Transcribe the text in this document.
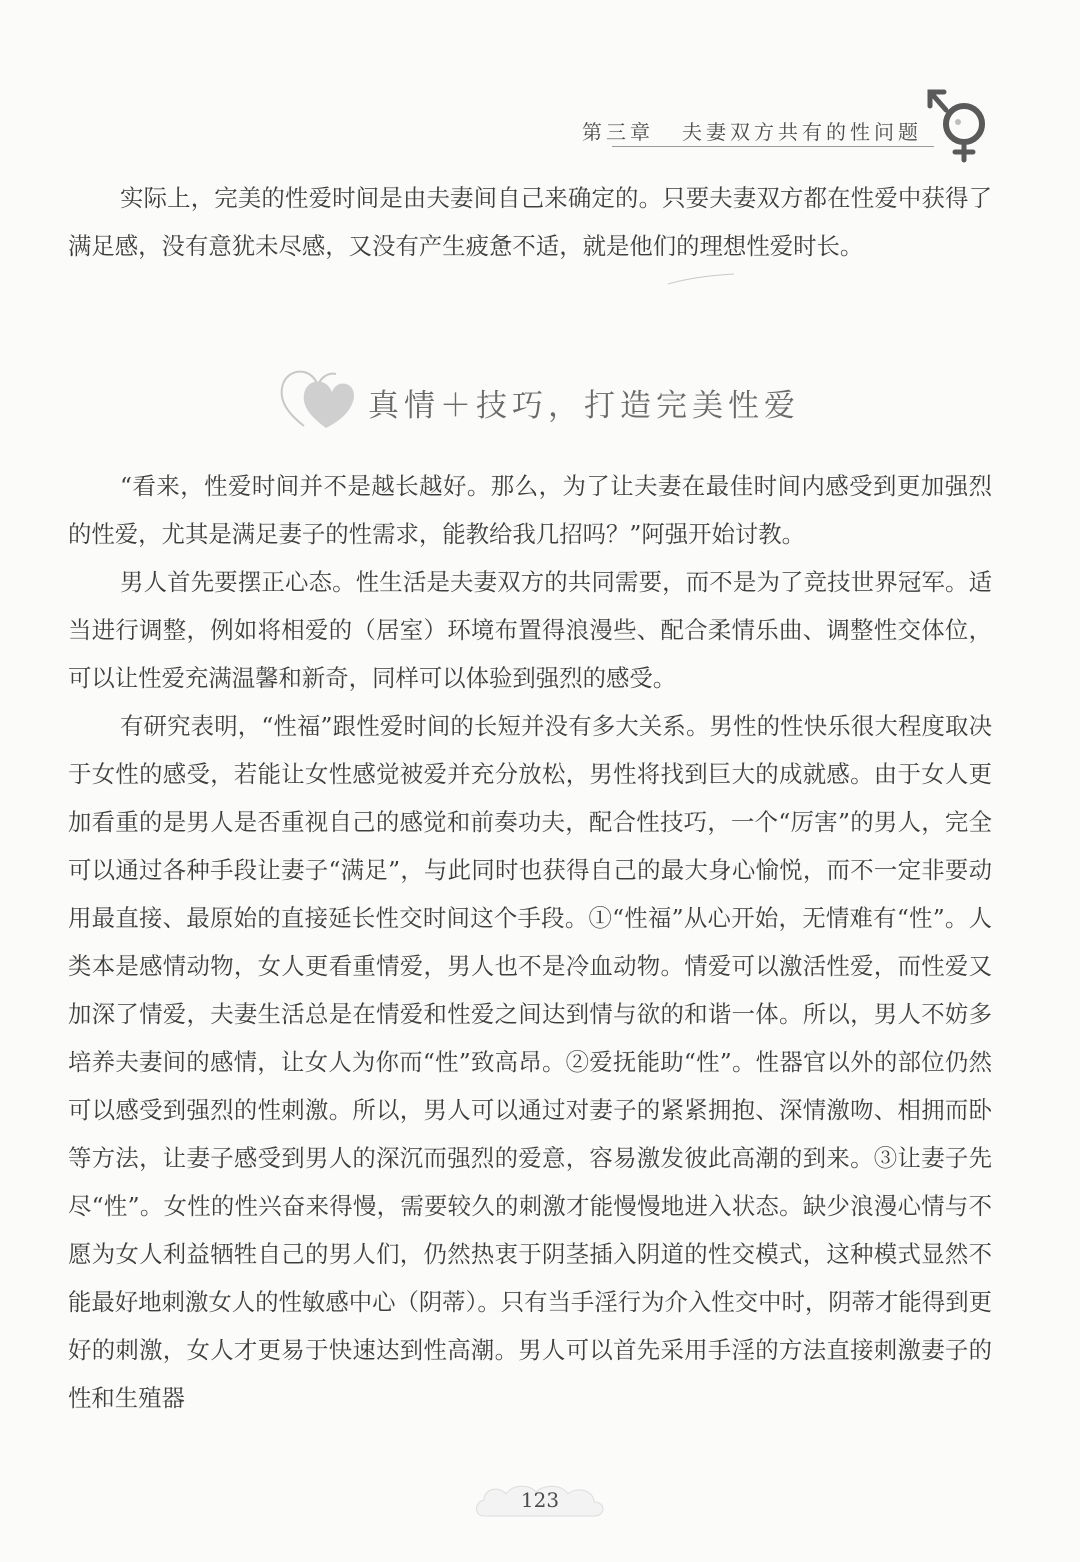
第三章 夫妻双方共有的性问题

实际上，完美的性爱时间是由夫妻间自己来确定的。只要夫妻双方都在性爱中获得了满足感，没有意犹未尽感，又没有产生疲惫不适，就是他们的理想性爱时长。

真情＋技巧，打造完美性爱

“看来，性爱时间并不是越长越好。那么，为了让夫妻在最佳时间内感受到更加强烈的性爱，尤其是满足妻子的性需求，能教给我几招吗？”阿强开始讨教。

男人首先要摆正心态。性生活是夫妻双方的共同需要，而不是为了竞技世界冠军。适当进行调整，例如将相爱的（居室）环境布置得浪漫些、配合柔情乐曲、调整性交体位，可以让性爱充满温馨和新奇，同样可以体验到强烈的感受。

有研究表明，“性福”跟性爱时间的长短并没有多大关系。男性的性快乐很大程度取决于女性的感受，若能让女性感觉被爱并充分放松，男性将找到巨大的成就感。由于女人更加看重的是男人是否重视自己的感觉和前奏功夫，配合性技巧，一个“厉害”的男人，完全可以通过各种手段让妻子“满足”，与此同时也获得自己的最大身心愉悦，而不一定非要动用最直接、最原始的直接延长性交时间这个手段。①“性福”从心开始，无情难有“性”。人类本是感情动物，女人更看重情爱，男人也不是冷血动物。情爱可以激活性爱，而性爱又加深了情爱，夫妻生活总是在情爱和性爱之间达到情与欲的和谐一体。所以，男人不妨多培养夫妻间的感情，让女人为你而“性”致高昂。②爱抚能助“性”。性器官以外的部位仍然可以感受到强烈的性刺激。所以，男人可以通过对妻子的紧紧拥抱、深情激吻、相拥而卧等方法，让妻子感受到男人的深沉而强烈的爱意，容易激发彼此高潮的到来。③让妻子先尽“性”。女性的性兴奋来得慢，需要较久的刺激才能慢慢地进入状态。缺少浪漫心情与不愿为女人利益牺牲自己的男人们，仍然热衷于阴茎插入阴道的性交模式，这种模式显然不能最好地刺激女人的性敏感中心（阴蒂）。只有当手淫行为介入性交中时，阴蒂才能得到更好的刺激，女人才更易于快速达到性高潮。男人可以首先采用手淫的方法直接刺激妻子的性和生殖器

123
